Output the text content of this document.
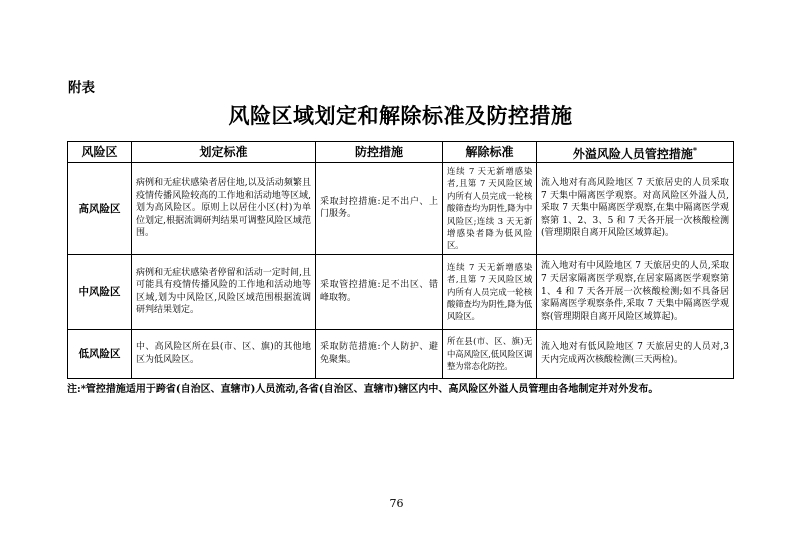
附表
风险区域划定和解除标准及防控措施
风险区	划定标准	防控措施	解除标准	外溢风险人员管控措施*
高风险区	病例和无症状感染者居住地,以及活动频繁且疫情传播风险较高的工作地和活动地等区域,划为高风险区。原则上以居住小区(村)为单位划定,根据流调研判结果可调整风险区域范围。	采取封控措施:足不出户、上门服务。	连续 7 天无新增感染者,且第 7 天风险区域内所有人员完成一轮核酸筛查均为阴性,降为中风险区;连续 3 天无新增感染者降为低风险区。	流入地对有高风险地区 7 天旅居史的人员采取 7 天集中隔离医学观察。对高风险区外溢人员,采取 7 天集中隔离医学观察,在集中隔离医学观察第 1、2、3、5 和 7 天各开展一次核酸检测(管理期限自离开风险区域算起)。
中风险区	病例和无症状感染者停留和活动一定时间,且可能具有疫情传播风险的工作地和活动地等区域,划为中风险区,风险区域范围根据流调研判结果划定。	采取管控措施:足不出区、错峰取物。	连续 7 天无新增感染者,且第 7 天风险区域内所有人员完成一轮核酸筛查均为阴性,降为低风险区。	流入地对有中风险地区 7 天旅居史的人员,采取 7 天居家隔离医学观察,在居家隔离医学观察第 1、4 和 7 天各开展一次核酸检测;如不具备居家隔离医学观察条件,采取 7 天集中隔离医学观察(管理期限自离开风险区域算起)。
低风险区	中、高风险区所在县(市、区、旗)的其他地区为低风险区。	采取防范措施:个人防护、避免聚集。	所在县(市、区、旗)无中高风险区,低风险区调整为常态化防控。	流入地对有低风险地区 7 天旅居史的人员对,3 天内完成两次核酸检测(三天两检)。
注:*管控措施适用于跨省(自治区、直辖市)人员流动,各省(自治区、直辖市)辖区内中、高风险区外溢人员管理由各地制定并对外发布。
76
